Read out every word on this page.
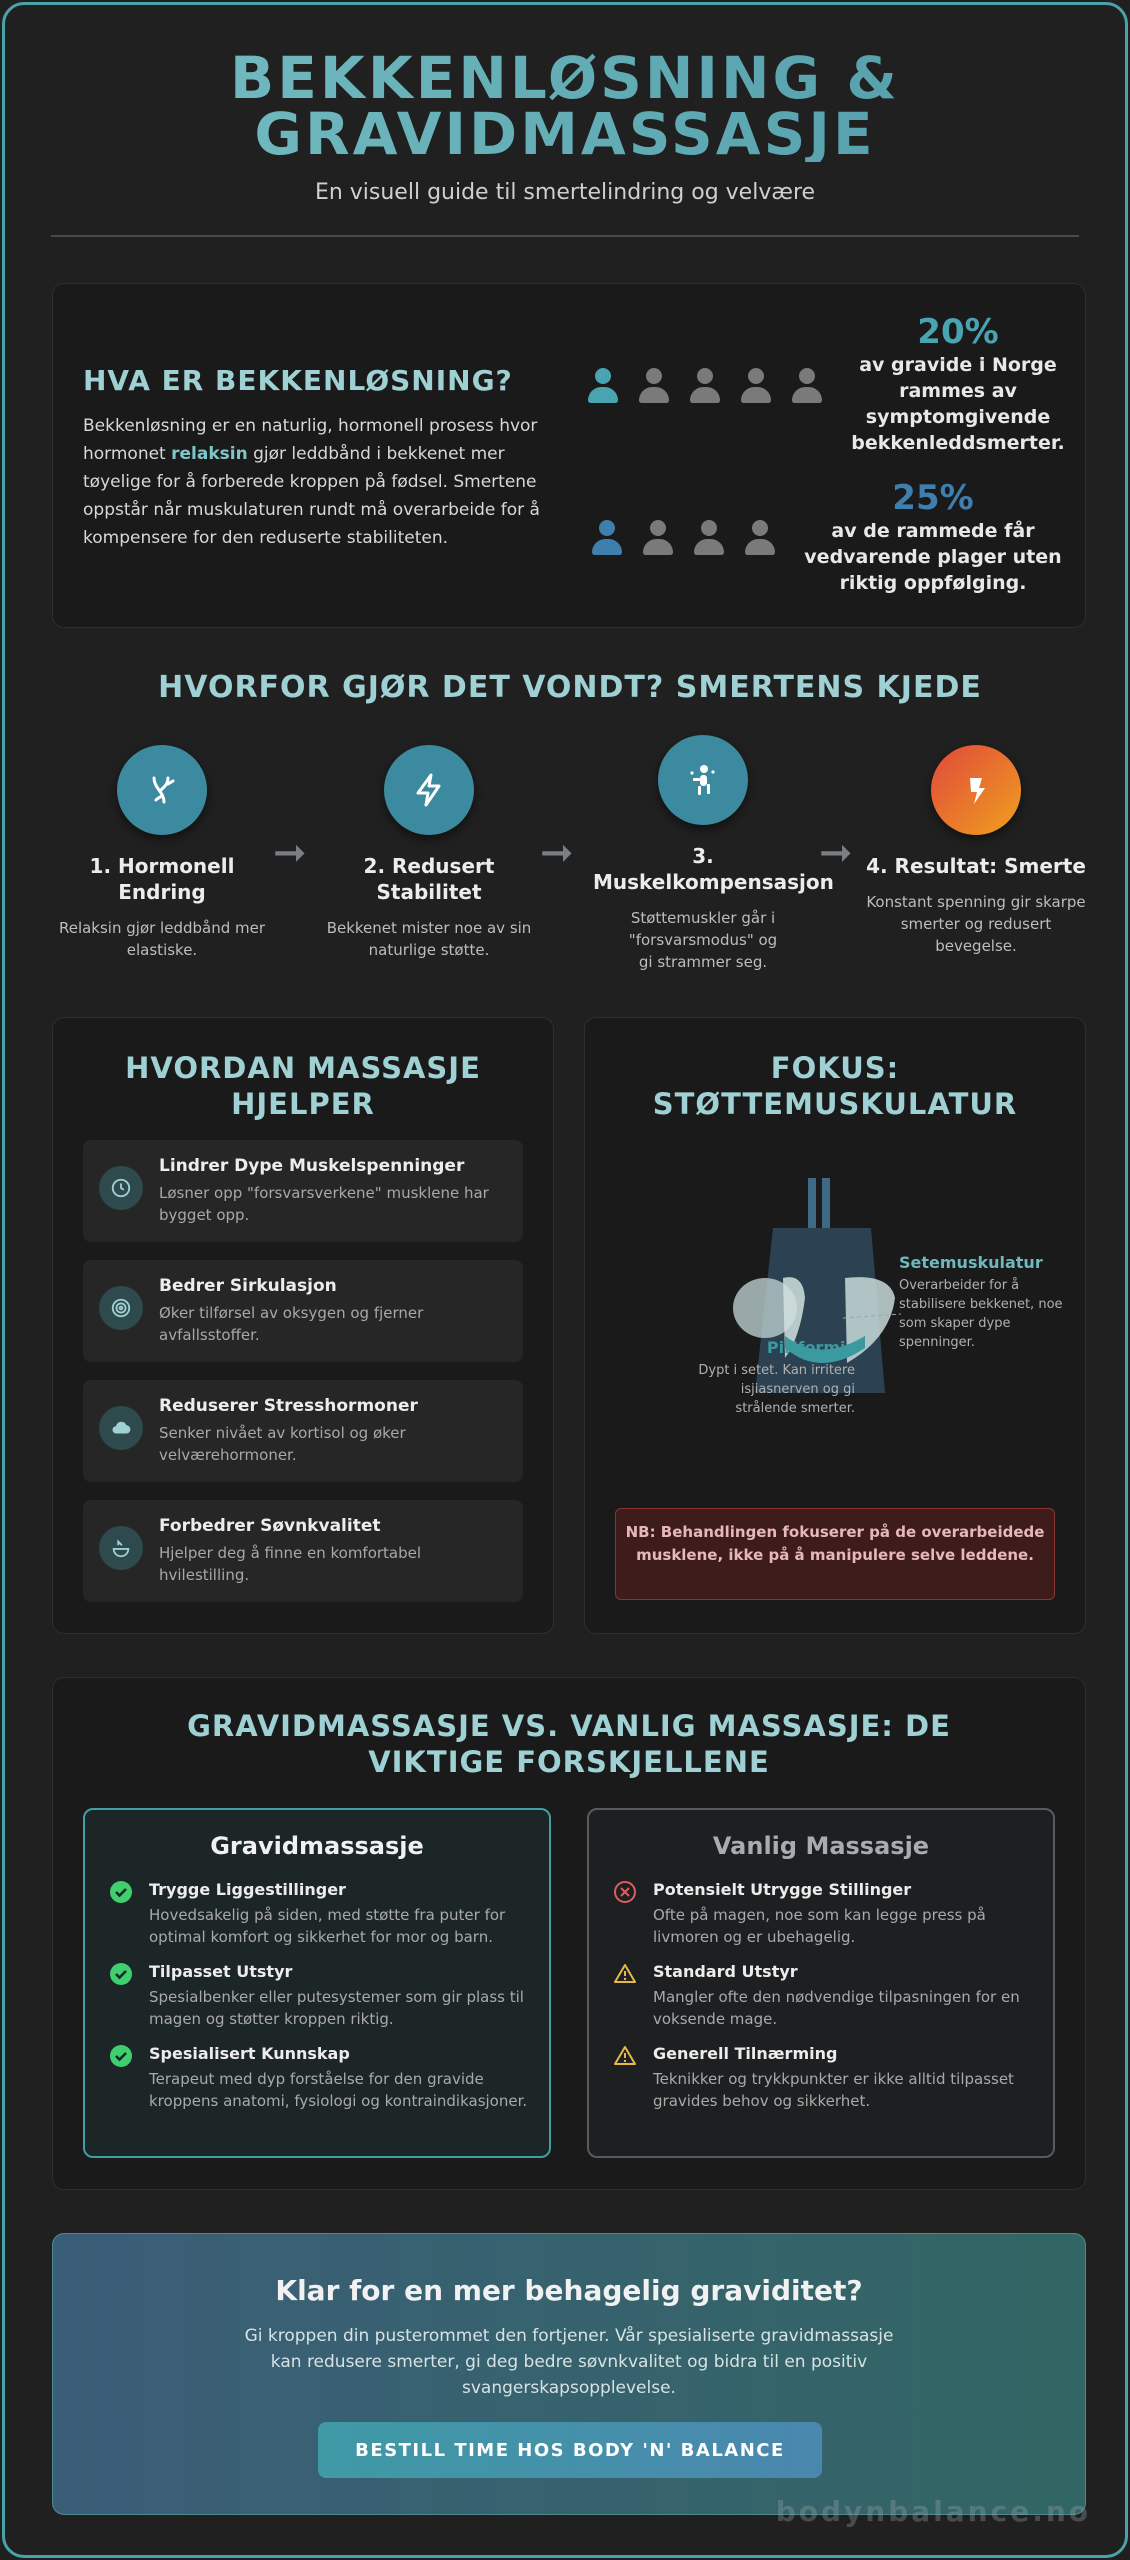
BEKKENLØSNING &
GRAVIDMASSASJE
En visuell guide til smertelindring og velvære
HVA ER BEKKENLØSNING?
Bekkenløsning er en naturlig, hormonell prosess hvor hormonet relaksin gjør leddbånd i bekkenet mer tøyelige for å forberede kroppen på fødsel. Smertene oppstår når muskulaturen rundt må overarbeide for å kompensere for den reduserte stabiliteten.
20%
av gravide i Norge rammes av symptomgivende bekkenleddsmerter.
25%
av de rammede får vedvarende plager uten riktig oppfølging.
HVORFOR GJØR DET VONDT? SMERTENS KJEDE
1. Hormonell Endring
Relaksin gjør leddbånd mer elastiske.
➞	2. Redusert Stabilitet
Bekkenet mister noe av sin naturlige støtte.
➞	3. Muskelkompensasjon
Støttemuskler går i "forsvarsmodus" og gi strammer seg.
➞ 4. Resultat: Smerte
Konstant spenning gir skarpe smerter og redusert bevegelse.
HVORDAN MASSASJE HJELPER
Lindrer Dype Muskelspenninger
Løsner opp "forsvarsverkene" musklene har bygget opp.
Bedrer Sirkulasjon
Øker tilførsel av oksygen og fjerner avfallsstoffer.
Reduserer Stresshormoner
Senker nivået av kortisol og øker velværehormoner.
Forbedrer Søvnkvalitet
Hjelper deg å finne en komfortabel hvilestilling.
FOKUS: STØTTEMUSKULATUR
Setemuskulatur
Overarbeider for å stabilisere bekkenet, noe som skaper dype spenninger.
Piriformis
Dypt i setet. Kan irritere isjiasnerven og gi strålende smerter.
NB: Behandlingen fokuserer på de overarbeidede musklene, ikke på å manipulere selve leddene.
GRAVIDMASSASJE VS. VANLIG MASSASJE: DE VIKTIGE FORSKJELLENE
Gravidmassasje
Trygge Liggestillinger
Hovedsakelig på siden, med støtte fra puter for optimal komfort og sikkerhet for mor og barn.
Tilpasset Utstyr
Spesialbenker eller putesystemer som gir plass til magen og støtter kroppen riktig.
Spesialisert Kunnskap
Terapeut med dyp forståelse for den gravide kroppens anatomi, fysiologi og kontraindikasjoner.
Vanlig Massasje
Potensielt Utrygge Stillinger
Ofte på magen, noe som kan legge press på livmoren og er ubehagelig.
Standard Utstyr
Mangler ofte den nødvendige tilpasningen for en voksende mage.
Generell Tilnærming
Teknikker og trykkpunkter er ikke alltid tilpasset gravides behov og sikkerhet.
Klar for en mer behagelig graviditet?
Gi kroppen din pusterommet den fortjener. Vår spesialiserte gravidmassasje kan redusere smerter, gi deg bedre søvnkvalitet og bidra til en positiv svangerskapsopplevelse.
BESTILL TIME HOS BODY 'N' BALANCE
bodynbalance.no
